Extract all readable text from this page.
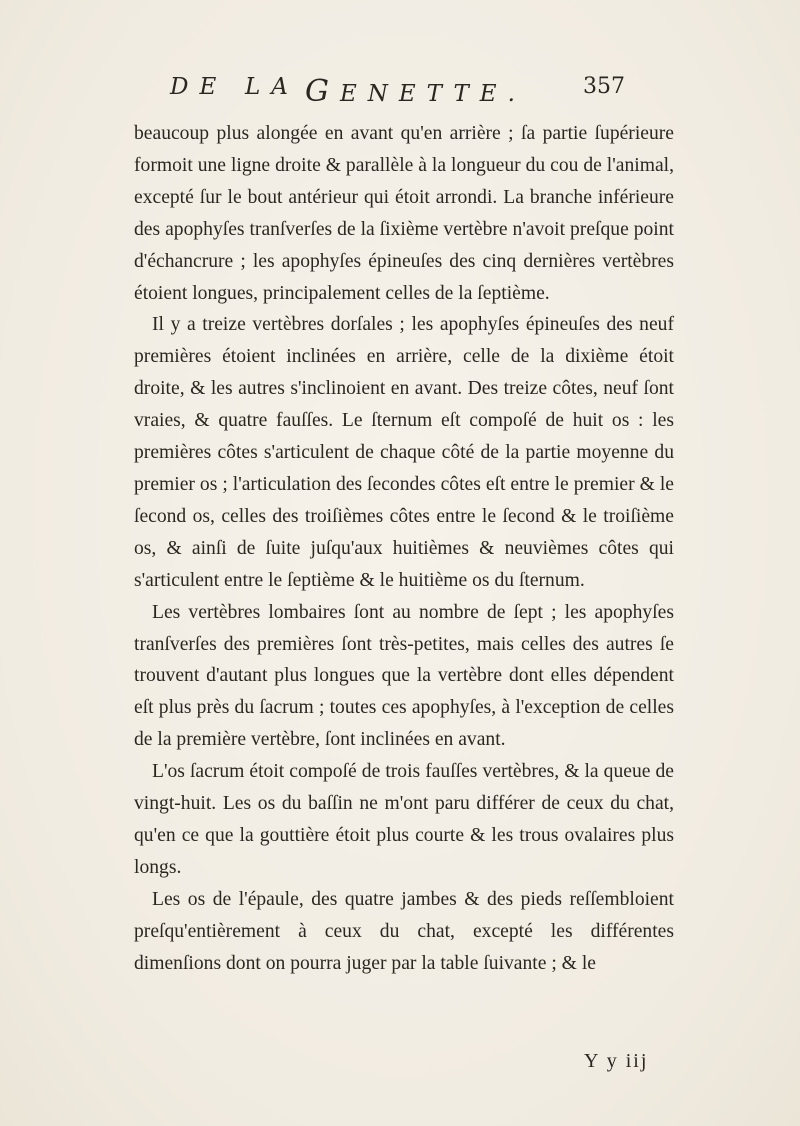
DE LA GENETTE.	357

beaucoup plus alongée en avant qu'en arrière ; ſa partie ſupérieure formoit une ligne droite & parallèle à la longueur du cou de l'animal, excepté ſur le bout antérieur qui étoit arrondi. La branche inférieure des apophyſes tranſverſes de la ſixième vertèbre n'avoit preſque point d'échancrure ; les apophyſes épineuſes des cinq dernières vertèbres étoient longues, principalement celles de la ſeptième.

Il y a treize vertèbres dorſales ; les apophyſes épineuſes des neuf premières étoient inclinées en arrière, celle de la dixième étoit droite, & les autres s'inclinoient en avant. Des treize côtes, neuf ſont vraies, & quatre fauſſes. Le ſternum eſt compoſé de huit os : les premières côtes s'articulent de chaque côté de la partie moyenne du premier os ; l'articulation des ſecondes côtes eſt entre le premier & le ſecond os, celles des troiſièmes côtes entre le ſecond & le troiſième os, & ainſi de ſuite juſqu'aux huitièmes & neuvièmes côtes qui s'articulent entre le ſeptième & le huitième os du ſternum.

Les vertèbres lombaires ſont au nombre de ſept ; les apophyſes tranſverſes des premières ſont très-petites, mais celles des autres ſe trouvent d'autant plus longues que la vertèbre dont elles dépendent eſt plus près du ſacrum ; toutes ces apophyſes, à l'exception de celles de la première vertèbre, ſont inclinées en avant.

L'os ſacrum étoit compoſé de trois fauſſes vertèbres, & la queue de vingt-huit. Les os du baſſin ne m'ont paru différer de ceux du chat, qu'en ce que la gouttière étoit plus courte & les trous ovalaires plus longs.

Les os de l'épaule, des quatre jambes & des pieds reſſembloient preſqu'entièrement à ceux du chat, excepté les différentes dimenſions dont on pourra juger par la table ſuivante ; & le

Y y iij
